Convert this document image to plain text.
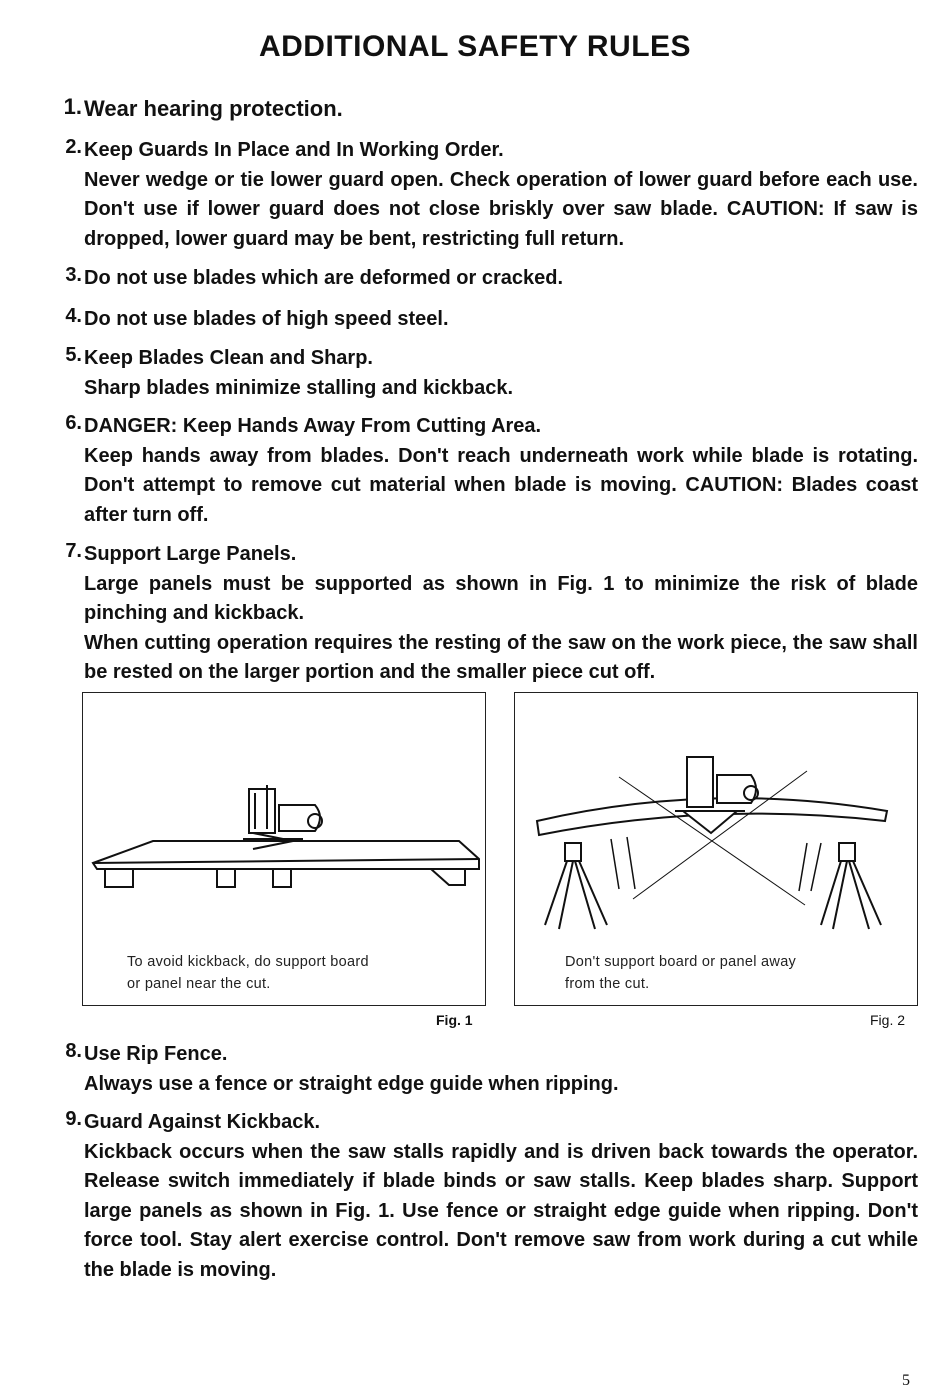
ADDITIONAL SAFETY RULES
1. Wear hearing protection.
2. Keep Guards In Place and In Working Order.

Never wedge or tie lower guard open. Check operation of lower guard before each use. Don't use if lower guard does not close briskly over saw blade. CAUTION: If saw is dropped, lower guard may be bent, restricting full return.

3. Do not use blades which are deformed or cracked.
4. Do not use blades of high speed steel.
5. Keep Blades Clean and Sharp.

Sharp blades minimize stalling and kickback.

6. DANGER: Keep Hands Away From Cutting Area.

Keep hands away from blades. Don't reach underneath work while blade is rotating. Don't attempt to remove cut material when blade is moving. CAUTION: Blades coast after turn off.

7. Support Large Panels.

Large panels must be supported as shown in Fig. 1 to minimize the risk of blade pinching and kickback.

When cutting operation requires the resting of the saw on the work piece, the saw shall be rested on the larger portion and the smaller piece cut off.

To avoid kickback, do support board
or panel near the cut.
Fig. 1
Don't support board or panel away
from the cut.
Fig. 2
8. Use Rip Fence.

Always use a fence or straight edge guide when ripping.

9. Guard Against Kickback.

Kickback occurs when the saw stalls rapidly and is driven back towards the operator. Release switch immediately if blade binds or saw stalls. Keep blades sharp. Support large panels as shown in Fig. 1. Use fence or straight edge guide when ripping. Don't force tool. Stay alert exercise control. Don't remove saw from work during a cut while the blade is moving.

5
